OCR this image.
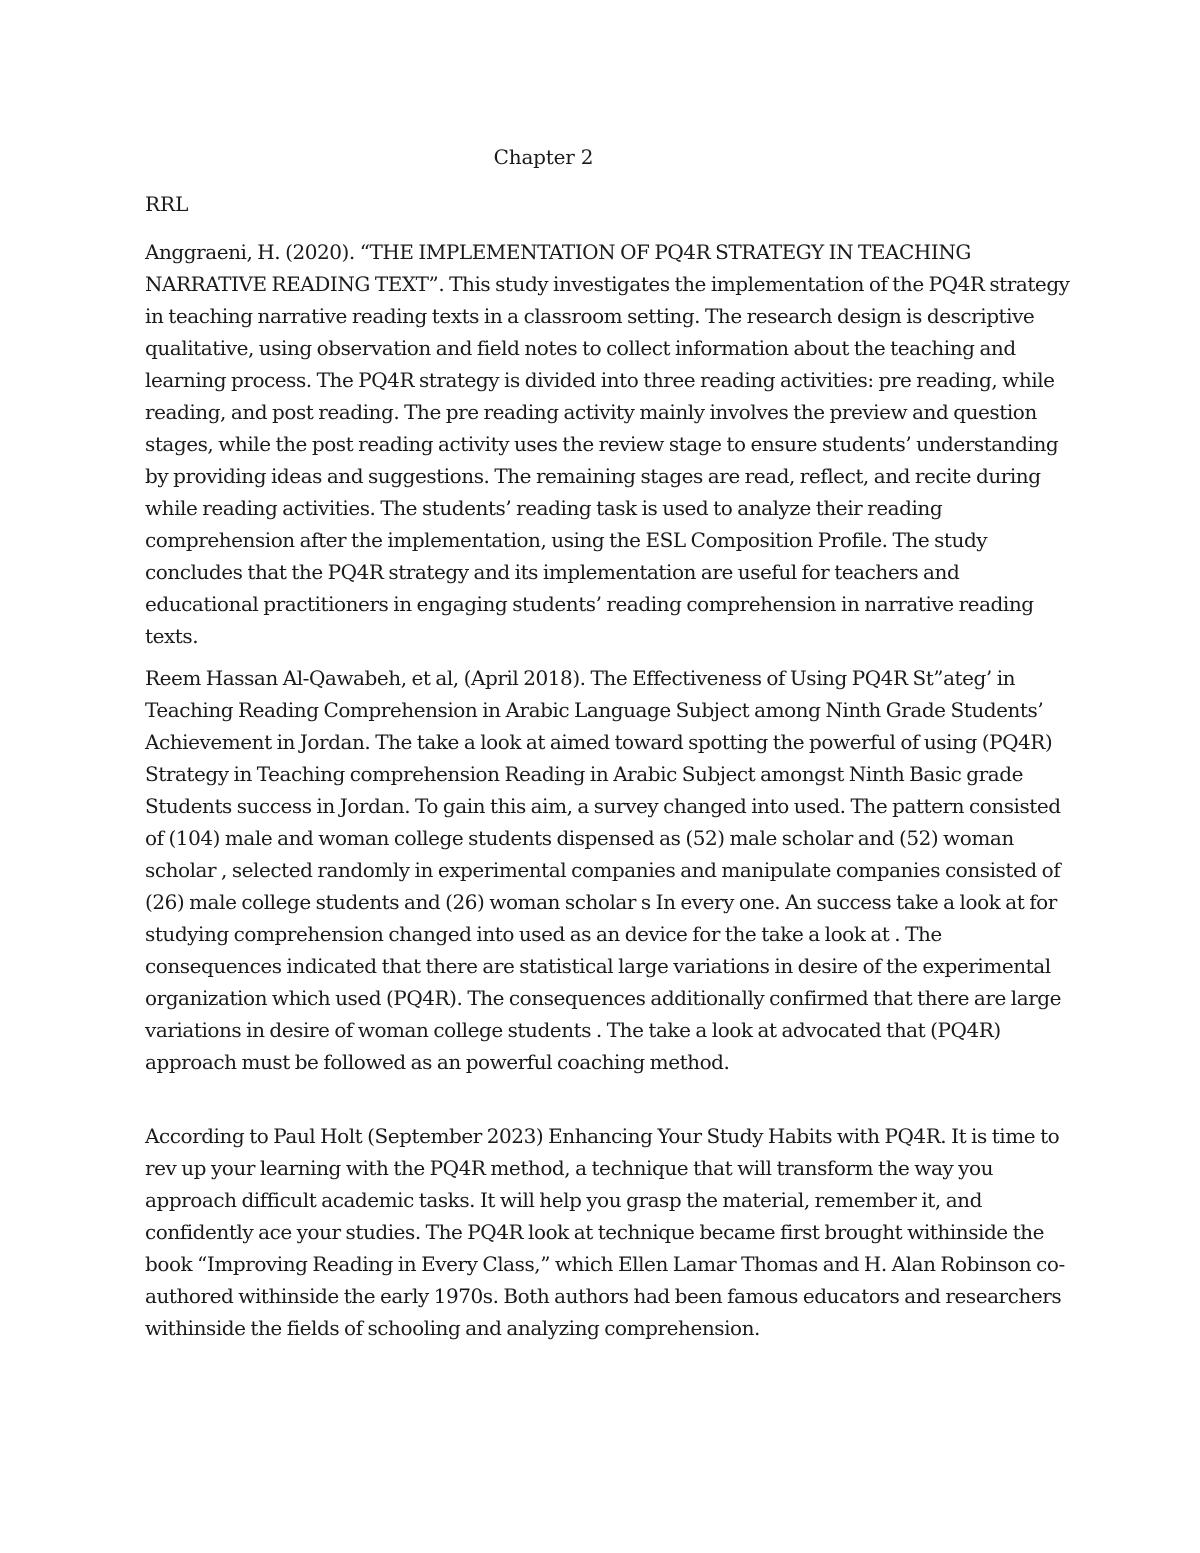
Chapter 2
RRL

Anggraeni, H. (2020). “THE IMPLEMENTATION OF PQ4R STRATEGY IN TEACHING NARRATIVE READING TEXT”. This study investigates the implementation of the PQ4R strategy in teaching narrative reading texts in a classroom setting. The research design is descriptive qualitative, using observation and field notes to collect information about the teaching and learning process. The PQ4R strategy is divided into three reading activities: pre reading, while reading, and post reading. The pre reading activity mainly involves the preview and question stages, while the post reading activity uses the review stage to ensure students’ understanding by providing ideas and suggestions. The remaining stages are read, reflect, and recite during while reading activities. The students’ reading task is used to analyze their reading comprehension after the implementation, using the ESL Composition Profile. The study concludes that the PQ4R strategy and its implementation are useful for teachers and educational practitioners in engaging students’ reading comprehension in narrative reading texts.

Reem Hassan Al-Qawabeh, et al, (April 2018). The Effectiveness of Using PQ4R St”ateg’ in Teaching Reading Comprehension in Arabic Language Subject among Ninth Grade Students’ Achievement in Jordan. The take a look at aimed toward spotting the powerful of using (PQ4R) Strategy in Teaching comprehension Reading in Arabic Subject amongst Ninth Basic grade Students success in Jordan. To gain this aim, a survey changed into used. The pattern consisted of (104) male and woman college students dispensed as (52) male scholar and (52) woman scholar , selected randomly in experimental companies and manipulate companies consisted of (26) male college students and (26) woman scholar s In every one. An success take a look at for studying comprehension changed into used as an device for the take a look at . The consequences indicated that there are statistical large variations in desire of the experimental organization which used (PQ4R). The consequences additionally confirmed that there are large variations in desire of woman college students . The take a look at advocated that (PQ4R) approach must be followed as an powerful coaching method.

According to Paul Holt (September 2023) Enhancing Your Study Habits with PQ4R. It is time to rev up your learning with the PQ4R method, a technique that will transform the way you approach difficult academic tasks. It will help you grasp the material, remember it, and confidently ace your studies. The PQ4R look at technique became first brought withinside the book “Improving Reading in Every Class,” which Ellen Lamar Thomas and H. Alan Robinson co-authored withinside the early 1970s. Both authors had been famous educators and researchers withinside the fields of schooling and analyzing comprehension.
